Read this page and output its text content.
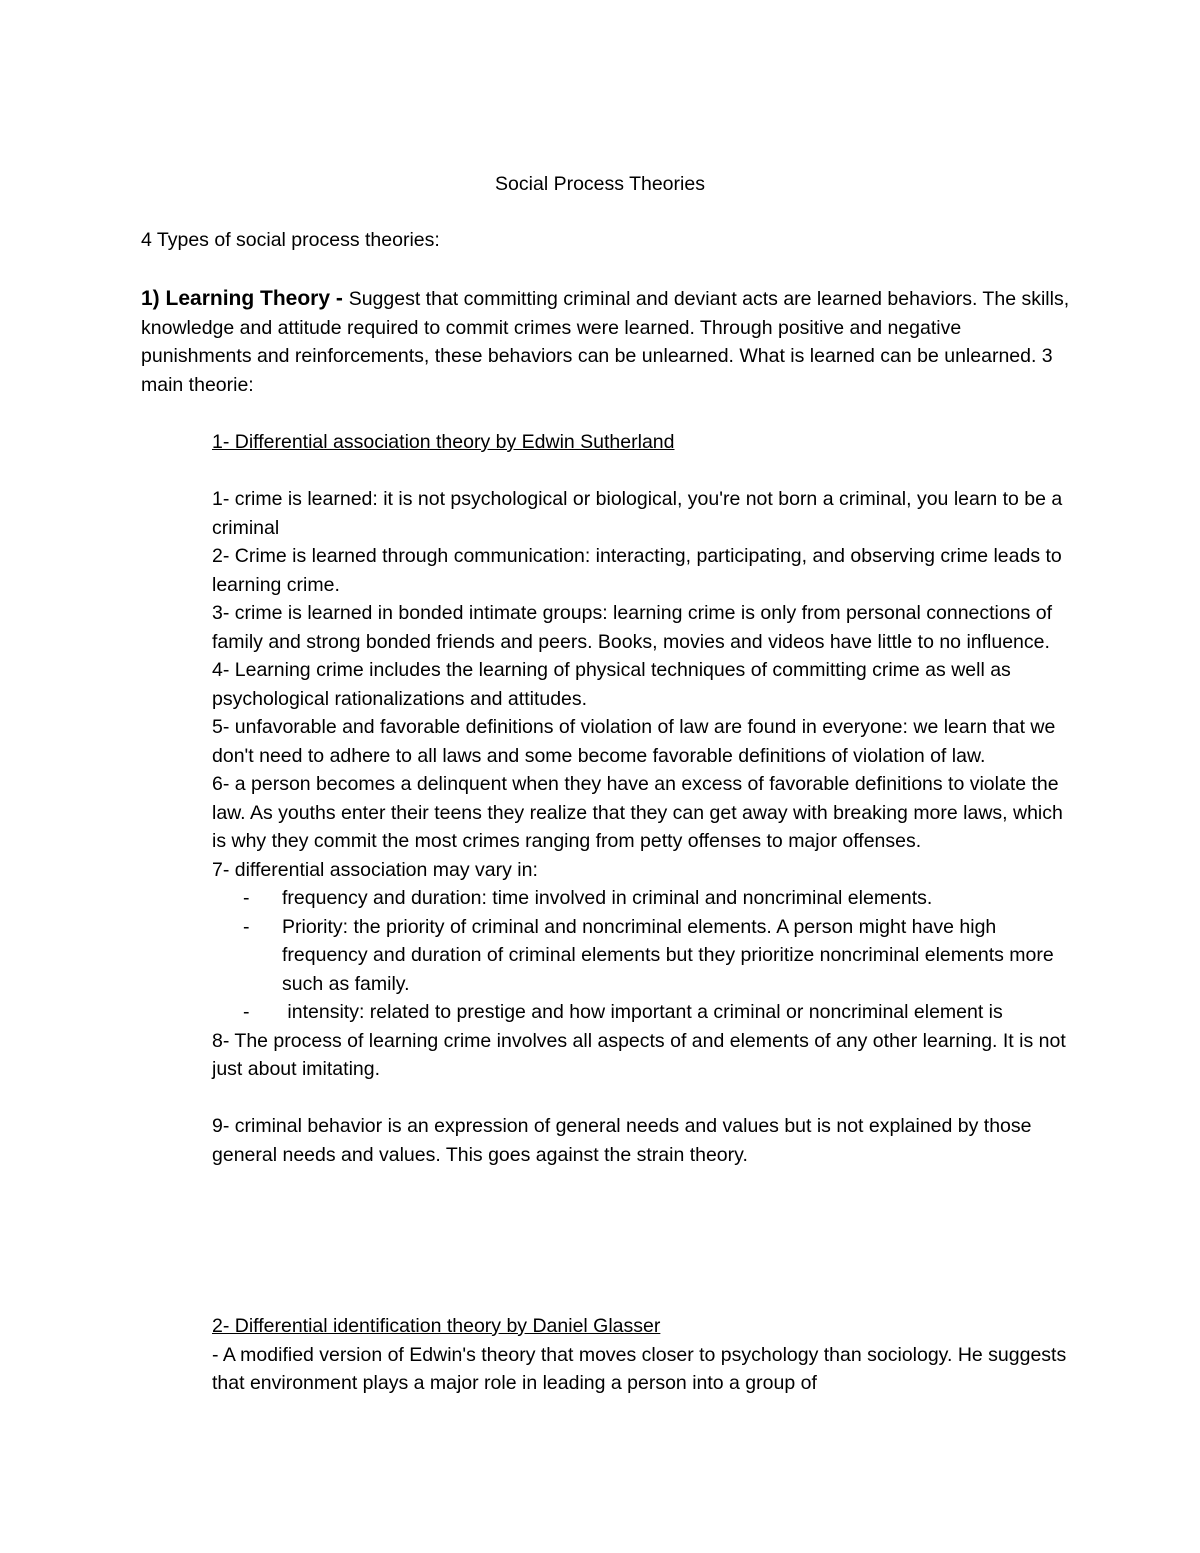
Social Process Theories
4 Types of social process theories:
1) Learning Theory - Suggest that committing criminal and deviant acts are learned behaviors. The skills, knowledge and attitude required to commit crimes were learned. Through positive and negative punishments and reinforcements, these behaviors can be unlearned. What is learned can be unlearned. 3 main theorie:
1- Differential association theory by Edwin Sutherland

1- crime is learned: it is not psychological or biological, you're not born a criminal, you learn to be a criminal

2- Crime is learned through communication: interacting, participating, and observing crime leads to learning crime.

3- crime is learned in bonded intimate groups: learning crime is only from personal connections of family and strong bonded friends and peers. Books, movies and videos have little to no influence.

4- Learning crime includes the learning of physical techniques of committing crime as well as psychological rationalizations and attitudes.

5- unfavorable and favorable definitions of violation of law are found in everyone: we learn that we don't need to adhere to all laws and some become favorable definitions of violation of law.

6- a person becomes a delinquent when they have an excess of favorable definitions to violate the law. As youths enter their teens they realize that they can get away with breaking more laws, which is why they commit the most crimes ranging from petty offenses to major offenses.

7- differential association may vary in:

- frequency and duration: time involved in criminal and noncriminal elements.
- Priority: the priority of criminal and noncriminal elements. A person might have high frequency and duration of criminal elements but they prioritize noncriminal elements more such as family.
- intensity: related to prestige and how important a criminal or noncriminal element is

8- The process of learning crime involves all aspects of and elements of any other learning. It is not just about imitating.

9- criminal behavior is an expression of general needs and values but is not explained by those general needs and values. This goes against the strain theory.

2- Differential identification theory by Daniel Glasser
- A modified version of Edwin's theory that moves closer to psychology than sociology. He suggests that environment plays a major role in leading a person into a group of
